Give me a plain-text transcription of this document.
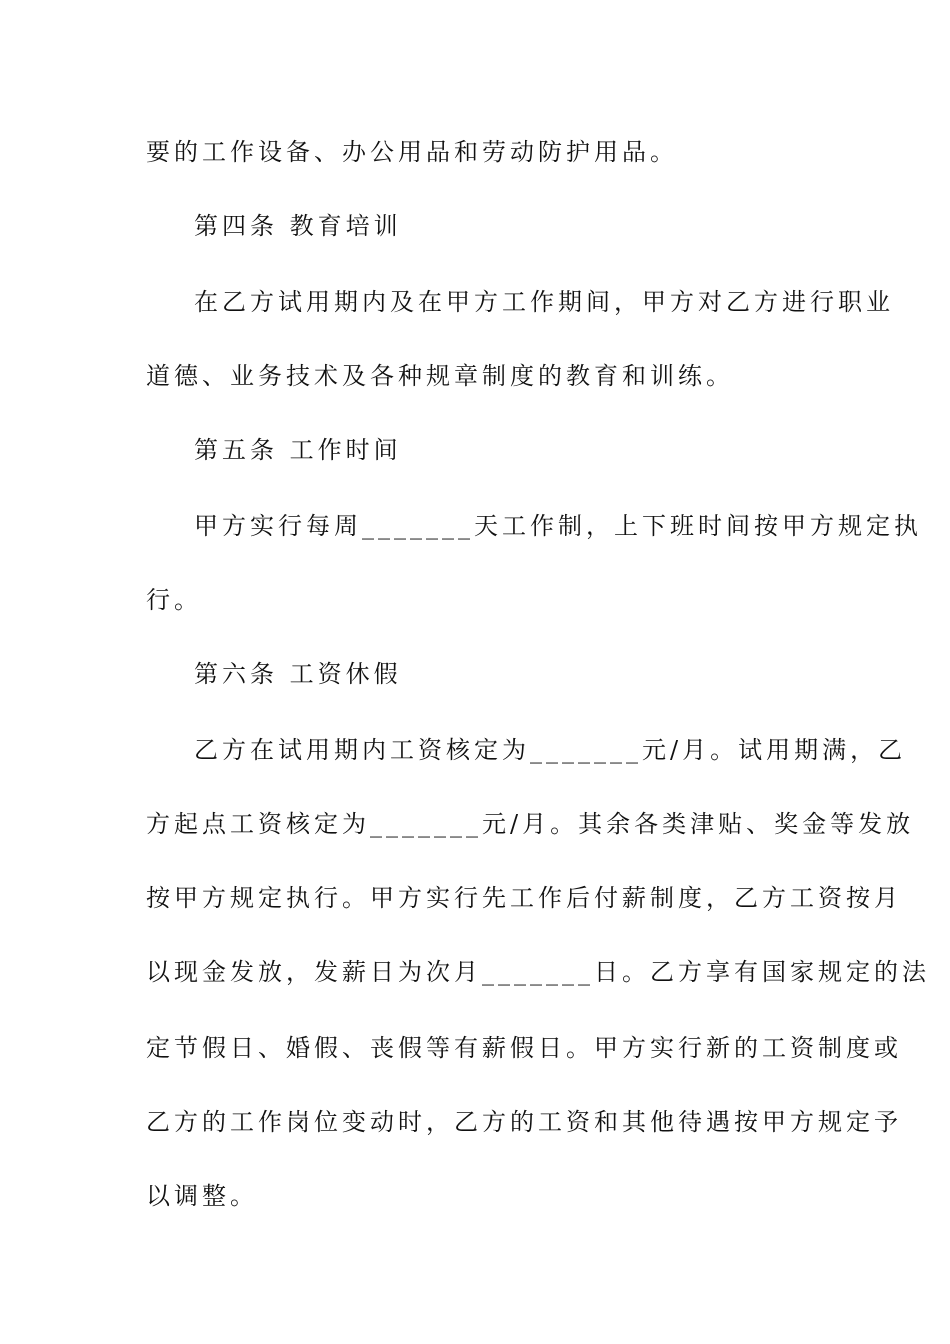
要的工作设备、办公用品和劳动防护用品。
第四条 教育培训
在乙方试用期内及在甲方工作期间，甲方对乙方进行职业
道德、业务技术及各种规章制度的教育和训练。
第五条 工作时间
甲方实行每周_______天工作制，上下班时间按甲方规定执
行。
第六条 工资休假
乙方在试用期内工资核定为_______元/月。试用期满，乙
方起点工资核定为_______元/月。其余各类津贴、奖金等发放
按甲方规定执行。甲方实行先工作后付薪制度，乙方工资按月
以现金发放，发薪日为次月_______日。乙方享有国家规定的法
定节假日、婚假、丧假等有薪假日。甲方实行新的工资制度或
乙方的工作岗位变动时，乙方的工资和其他待遇按甲方规定予
以调整。
